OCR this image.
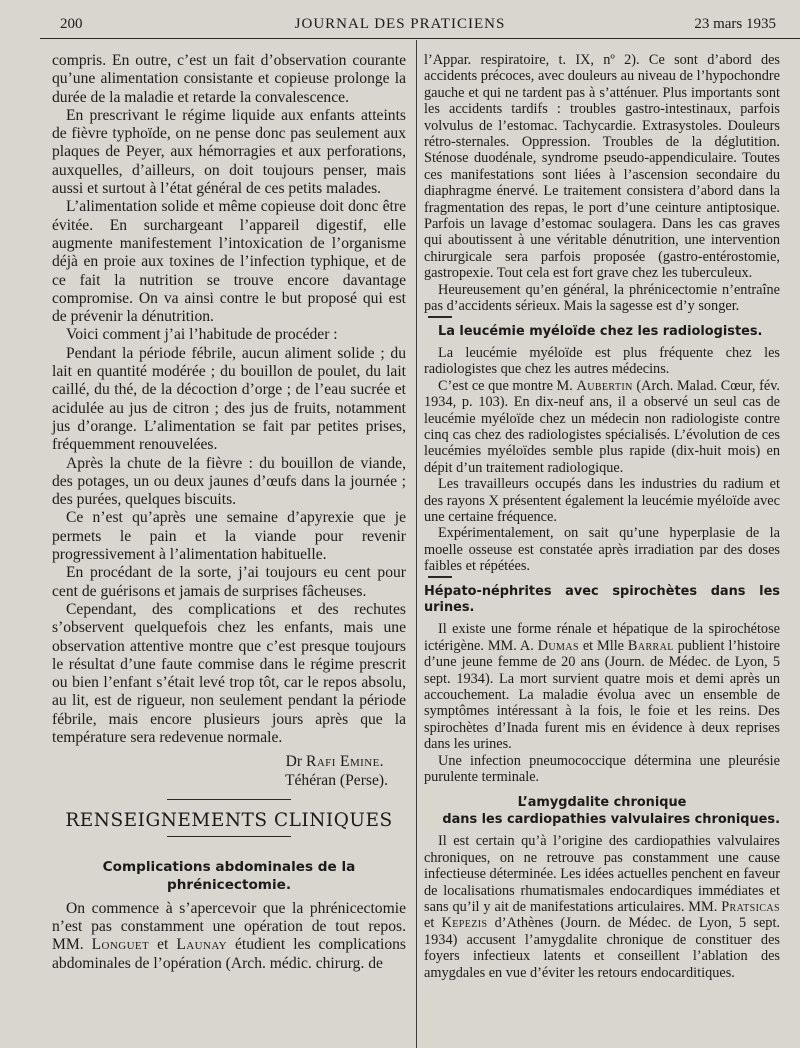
200	JOURNAL DES PRATICIENS	23 mars 1935

compris. En outre, c’est un fait d’observation courante qu’une alimentation consistante et copieuse prolonge la durée de la maladie et retarde la convalescence.

En prescrivant le régime liquide aux enfants atteints de fièvre typhoïde, on ne pense donc pas seulement aux plaques de Peyer, aux hémorragies et aux perforations, auxquelles, d’ailleurs, on doit toujours penser, mais aussi et surtout à l’état général de ces petits malades.

L’alimentation solide et même copieuse doit donc être évitée. En surchargeant l’appareil digestif, elle augmente manifestement l’intoxication de l’organisme déjà en proie aux toxines de l’infection typhique, et de ce fait la nutrition se trouve encore davantage compromise. On va ainsi contre le but proposé qui est de prévenir la dénutrition.

Voici comment j’ai l’habitude de procéder :

Pendant la période fébrile, aucun aliment solide ; du lait en quantité modérée ; du bouillon de poulet, du lait caillé, du thé, de la décoction d’orge ; de l’eau sucrée et acidulée au jus de citron ; des jus de fruits, notamment jus d’orange. L’alimentation se fait par petites prises, fréquemment renouvelées.

Après la chute de la fièvre : du bouillon de viande, des potages, un ou deux jaunes d’œufs dans la journée ; des purées, quelques biscuits.

Ce n’est qu’après une semaine d’apyrexie que je permets le pain et la viande pour revenir progressivement à l’alimentation habituelle.

En procédant de la sorte, j’ai toujours eu cent pour cent de guérisons et jamais de surprises fâcheuses.

Cependant, des complications et des rechutes s’observent quelquefois chez les enfants, mais une observation attentive montre que c’est presque toujours le résultat d’une faute commise dans le régime prescrit ou bien l’enfant s’était levé trop tôt, car le repos absolu, au lit, est de rigueur, non seulement pendant la période fébrile, mais encore plusieurs jours après que la température sera redevenue normale.

Dr Rafi Emine.
Téhéran (Perse).
RENSEIGNEMENTS CLINIQUES
Complications abdominales de la phrénicectomie.

On commence à s’apercevoir que la phrénicectomie n’est pas constamment une opération de tout repos. MM. Longuet et Launay étudient les complications abdominales de l’opération (Arch. médic. chirurg. de

l’Appar. respiratoire, t. IX, nº 2). Ce sont d’abord des accidents précoces, avec douleurs au niveau de l’hypochondre gauche et qui ne tardent pas à s’atténuer. Plus importants sont les accidents tardifs : troubles gastro-intestinaux, parfois volvulus de l’estomac. Tachycardie. Extrasystoles. Douleurs rétro-sternales. Oppression. Troubles de la déglutition. Sténose duodénale, syndrome pseudo-appendiculaire. Toutes ces manifestations sont liées à l’ascension secondaire du diaphragme énervé. Le traitement consistera d’abord dans la fragmentation des repas, le port d’une ceinture antiptosique. Parfois un lavage d’estomac soulagera. Dans les cas graves qui aboutissent à une véritable dénutrition, une intervention chirurgicale sera parfois proposée (gastro-entérostomie, gastropexie. Tout cela est fort grave chez les tuberculeux.

Heureusement qu’en général, la phrénicectomie n’entraîne pas d’accidents sérieux. Mais la sagesse est d’y songer.

La leucémie myéloïde chez les radiologistes.

La leucémie myéloïde est plus fréquente chez les radiologistes que chez les autres médecins.

C’est ce que montre M. Aubertin (Arch. Malad. Cœur, fév. 1934, p. 103). En dix-neuf ans, il a observé un seul cas de leucémie myéloïde chez un médecin non radiologiste contre cinq cas chez des radiologistes spécialisés. L’évolution de ces leucémies myéloïdes semble plus rapide (dix-huit mois) en dépit d’un traitement radiologique.

Les travailleurs occupés dans les industries du radium et des rayons X présentent également la leucémie myéloïde avec une certaine fréquence.

Expérimentalement, on sait qu’une hyperplasie de la moelle osseuse est constatée après irradiation par des doses faibles et répétées.

Hépato-néphrites avec spirochètes dans les urines.

Il existe une forme rénale et hépatique de la spirochétose ictérigène. MM. A. Dumas et Mlle Barral publient l’histoire d’une jeune femme de 20 ans (Journ. de Médec. de Lyon, 5 sept. 1934). La mort survient quatre mois et demi après un accouchement. La maladie évolua avec un ensemble de symptômes intéressant à la fois, le foie et les reins. Des spirochètes d’Inada furent mis en évidence à deux reprises dans les urines.

Une infection pneumococcique détermina une pleurésie purulente terminale.

L’amygdalite chronique
dans les cardiopathies valvulaires chroniques.

Il est certain qu’à l’origine des cardiopathies valvulaires chroniques, on ne retrouve pas constamment une cause infectieuse déterminée. Les idées actuelles penchent en faveur de localisations rhumatismales endocardiques immédiates et sans qu’il y ait de manifestations articulaires. MM. Pratsicas et Kepezis d’Athènes (Journ. de Médec. de Lyon, 5 sept. 1934) accusent l’amygdalite chronique de constituer des foyers infectieux latents et conseillent l’ablation des amygdales en vue d’éviter les retours endocarditiques.
